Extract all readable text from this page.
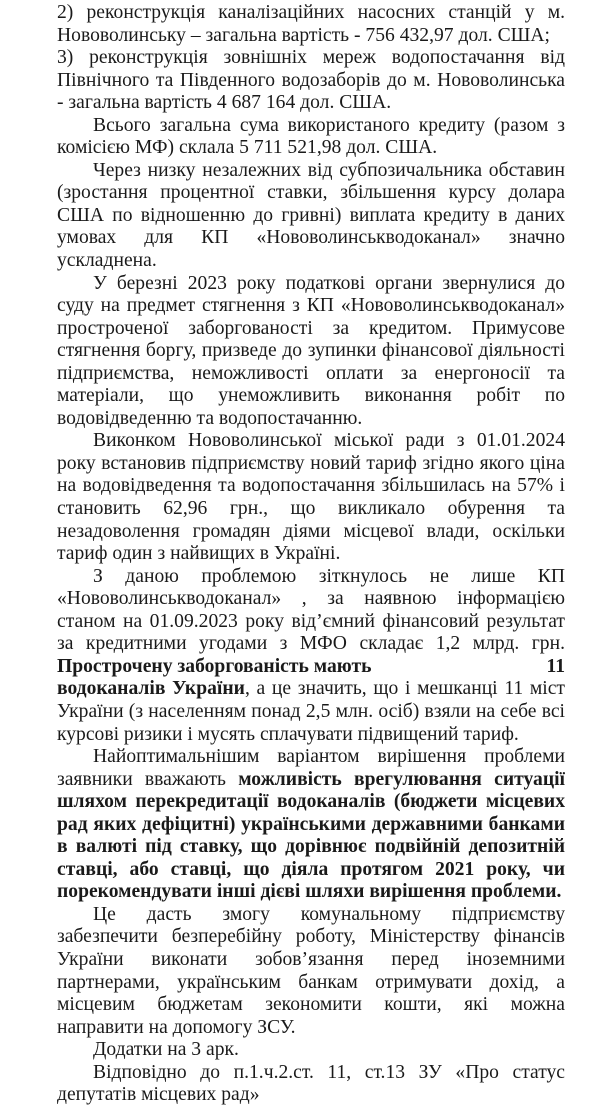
2) реконструкція каналізаційних насосних станцій у м. Нововолинську – загальна вартість - 756 432,97 дол. США;

3) реконструкція зовнішніх мереж водопостачання від Північного та Південного водозаборів до м. Нововолинська - загальна вартість 4 687 164 дол. США.

Всього загальна сума використаного кредиту (разом з комісією МФ) склала 5 711 521,98 дол. США.

Через низку незалежних від субпозичальника обставин (зростання процентної ставки, збільшення курсу долара США по відношенню до гривні) виплата кредиту в даних умовах для КП «Нововолинськводоканал» значно ускладнена.

У березні 2023 року податкові органи звернулися до суду на предмет стягнення з КП «Нововолинськводоканал» простроченої заборгованості за кредитом. Примусове стягнення боргу, призведе до зупинки фінансової діяльності підприємства, неможливості оплати за енергоносії та матеріали, що унеможливить виконання робіт по водовідведенню та водопостачанню.

Виконком Нововолинської міської ради з 01.01.2024 року встановив підприємству новий тариф згідно якого ціна на водовідведення та водопостачання збільшилась на 57% і становить 62,96 грн., що викликало обурення та незадоволення громадян діями місцевої влади, оскільки тариф один з найвищих в Україні.

З даною проблемою зіткнулось не лише КП «Нововолинськводоканал» , за наявною інформацією станом на 01.09.2023 року від’ємний фінансовий результат за кредитними угодами з МФО складає 1,2 млрд. грн. Прострочену заборгованість мають	11

водоканалів України, а це значить, що і мешканці 11 міст України (з населенням понад 2,5 млн. осіб) взяли на себе всі курсові ризики і мусять сплачувати підвищений тариф.

Найоптимальнішим варіантом вирішення проблеми заявники вважають можливість врегулювання ситуації шляхом перекредитації водоканалів (бюджети місцевих рад яких дефіцитні) українськими державними банками в валюті під ставку, що дорівнює подвійній депозитній ставці, або ставці, що діяла протягом 2021 року, чи порекомендувати інші дієві шляхи вирішення проблеми.

Це дасть змогу комунальному підприємству забезпечити безперебійну роботу, Міністерству фінансів України виконати зобов’язання перед іноземними партнерами, українським банкам отримувати дохід, а місцевим бюджетам зекономити кошти, які можна направити на допомогу ЗСУ.

Додатки на 3 арк.

Відповідно до п.1.ч.2.ст. 11, ст.13 ЗУ «Про статус депутатів місцевих рад»
